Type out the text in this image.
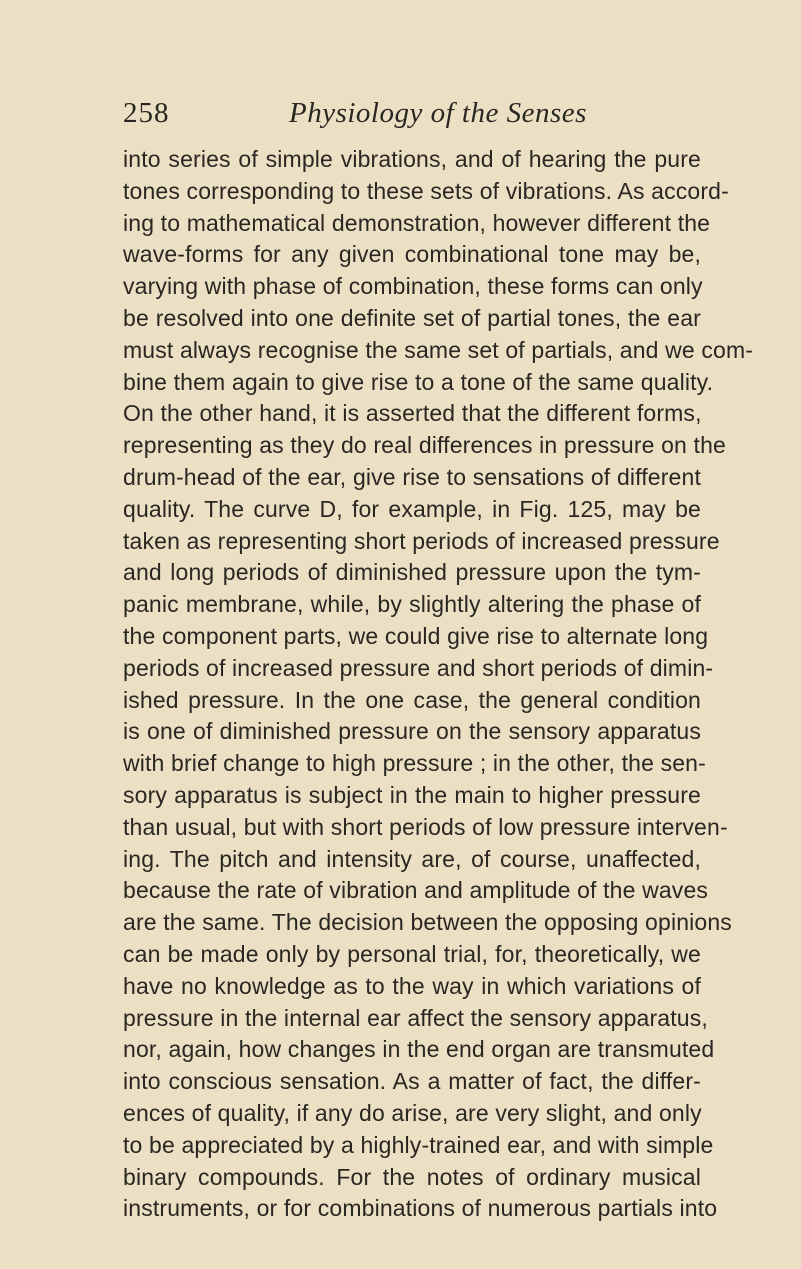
258	Physiology of the Senses
into series of simple vibrations, and of hearing the pure
tones corresponding to these sets of vibrations. As accord-
ing to mathematical demonstration, however different the
wave-forms for any given combinational tone may be,
varying with phase of combination, these forms can only
be resolved into one definite set of partial tones, the ear
must always recognise the same set of partials, and we com-
bine them again to give rise to a tone of the same quality.
On the other hand, it is asserted that the different forms,
representing as they do real differences in pressure on the
drum-head of the ear, give rise to sensations of different
quality. The curve D, for example, in Fig. 125, may be
taken as representing short periods of increased pressure
and long periods of diminished pressure upon the tym-
panic membrane, while, by slightly altering the phase of
the component parts, we could give rise to alternate long
periods of increased pressure and short periods of dimin-
ished pressure. In the one case, the general condition
is one of diminished pressure on the sensory apparatus
with brief change to high pressure ; in the other, the sen-
sory apparatus is subject in the main to higher pressure
than usual, but with short periods of low pressure interven-
ing. The pitch and intensity are, of course, unaffected,
because the rate of vibration and amplitude of the waves
are the same. The decision between the opposing opinions
can be made only by personal trial, for, theoretically, we
have no knowledge as to the way in which variations of
pressure in the internal ear affect the sensory apparatus,
nor, again, how changes in the end organ are transmuted
into conscious sensation. As a matter of fact, the differ-
ences of quality, if any do arise, are very slight, and only
to be appreciated by a highly-trained ear, and with simple
binary compounds. For the notes of ordinary musical
instruments, or for combinations of numerous partials into
